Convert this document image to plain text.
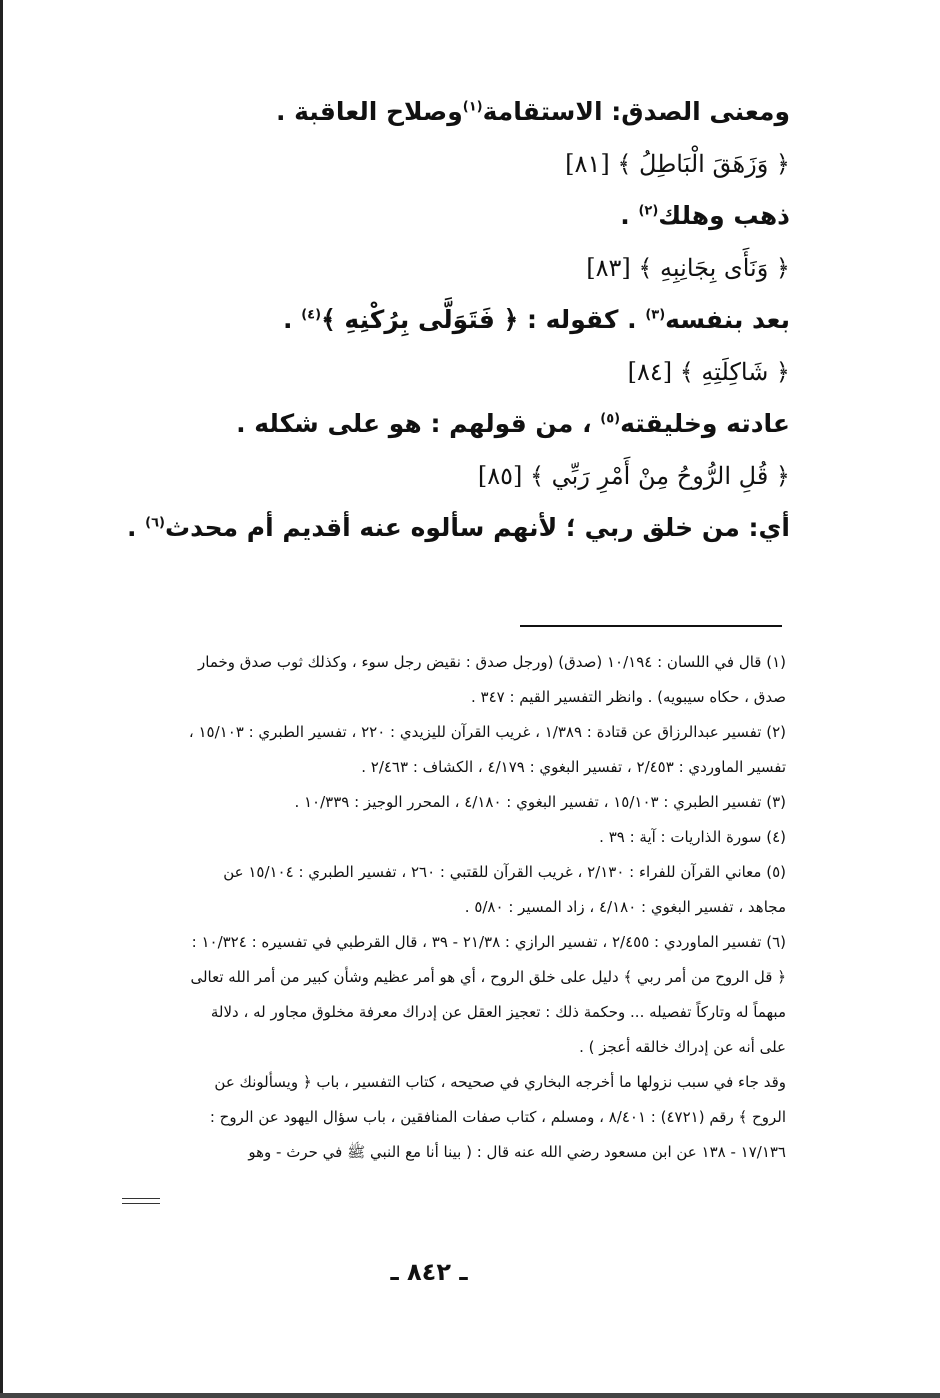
ومعنى الصدق: الاستقامة$^{(١)}$وصلاح العاقبة .

﴿ وَزَهَقَ الْبَاطِلُ ﴾ [٨١]

ذهب وهلك$^{(٢)}$ .

﴿ وَنَأَى بِجَانِبِهِ ﴾ [٨٣]

بعد بنفسه$^{(٣)}$ . كقوله : ﴿ فَتَوَلَّى بِرُكْنِهِ ﴾$^{(٤)}$ .

﴿ شَاكِلَتِهِ ﴾ [٨٤]

عادته وخليقته$^{(٥)}$ ، من قولهم : هو على شكله .

﴿ قُلِ الرُّوحُ مِنْ أَمْرِ رَبِّي ﴾ [٨٥]

أي: من خلق ربي ؛ لأنهم سألوه عنه أقديم أم محدث$^{(٦)}$ .

(١) قال في اللسان : ١٠/١٩٤ (صدق) (ورجل صدق : نقيض رجل سوء ، وكذلك ثوب صدق وخمار

صدق ، حكاه سيبويه) . وانظر التفسير القيم : ٣٤٧ .

(٢) تفسير عبدالرزاق عن قتادة : ١/٣٨٩ ، غريب القرآن لليزيدي : ٢٢٠ ، تفسير الطبري : ١٥/١٠٣ ،

تفسير الماوردي : ٢/٤٥٣ ، تفسير البغوي : ٤/١٧٩ ، الكشاف : ٢/٤٦٣ .

(٣) تفسير الطبري : ١٥/١٠٣ ، تفسير البغوي : ٤/١٨٠ ، المحرر الوجيز : ١٠/٣٣٩ .

(٤) سورة الذاريات : آية : ٣٩ .

(٥) معاني القرآن للفراء : ٢/١٣٠ ، غريب القرآن للقتبي : ٢٦٠ ، تفسير الطبري : ١٥/١٠٤ عن

مجاهد ، تفسير البغوي : ٤/١٨٠ ، زاد المسير : ٥/٨٠ .

(٦) تفسير الماوردي : ٢/٤٥٥ ، تفسير الرازي : ٢١/٣٨ - ٣٩ ، قال القرطبي في تفسيره : ١٠/٣٢٤ :

﴿ قل الروح من أمر ربي ﴾ دليل على خلق الروح ، أي هو أمر عظيم وشأن كبير من أمر الله تعالى

مبهماً له وتاركاً تفصيله ... وحكمة ذلك : تعجيز العقل عن إدراك معرفة مخلوق مجاور له ، دلالة

على أنه عن إدراك خالقه أعجز ) .

وقد جاء في سبب نزولها ما أخرجه البخاري في صحيحه ، كتاب التفسير ، باب ﴿ ويسألونك عن

الروح ﴾ رقم (٤٧٢١) : ٨/٤٠١ ، ومسلم ، كتاب صفات المنافقين ، باب سؤال اليهود عن الروح :

١٧/١٣٦ - ١٣٨ عن ابن مسعود رضي الله عنه قال : ( بينا أنا مع النبي ﷺ في حرث - وهو

ـ ٨٤٢ ـ
